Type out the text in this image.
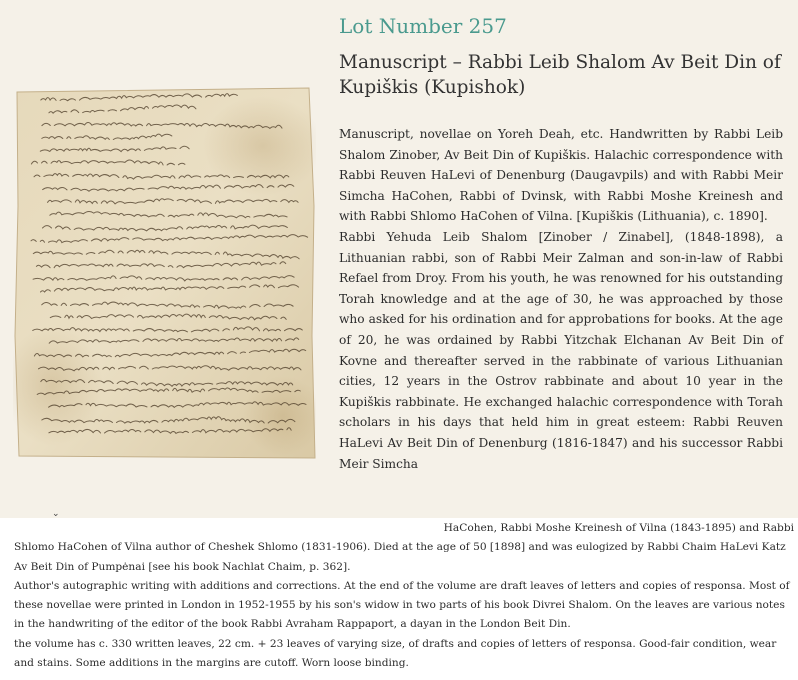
Lot Number 257
Manuscript – Rabbi Leib Shalom Av Beit Din of Kupiškis (Kupishok)
⌄

Manuscript, novellae on Yoreh Deah, etc. Handwritten by Rabbi Leib Shalom Zinober, Av Beit Din of Kupiškis. Halachic correspondence with Rabbi Reuven HaLevi of Denenburg (Daugavpils) and with Rabbi Meir Simcha HaCohen, Rabbi of Dvinsk, with Rabbi Moshe Kreinesh and with Rabbi Shlomo HaCohen of Vilna. [Kupiškis (Lithuania), c. 1890].

Rabbi Yehuda Leib Shalom [Zinober / Zinabel], (1848-1898), a Lithuanian rabbi, son of Rabbi Meir Zalman and son-in-law of Rabbi Refael from Droy. From his youth, he was renowned for his outstanding Torah knowledge and at the age of 30, he was approached by those who asked for his ordination and for approbations for books. At the age of 20, he was ordained by Rabbi Yitzchak Elchanan Av Beit Din of Kovne and thereafter served in the rabbinate of various Lithuanian cities, 12 years in the Ostrov rabbinate and about 10 year in the Kupiškis rabbinate. He exchanged halachic correspondence with Torah scholars in his days that held him in great esteem: Rabbi Reuven HaLevi Av Beit Din of Denenburg (1816-1847) and his successor Rabbi Meir Simcha

HaCohen, Rabbi Moshe Kreinesh of Vilna (1843-1895) and Rabbi

Shlomo HaCohen of Vilna author of Cheshek Shlomo (1831-1906). Died at the age of 50 [1898] and was eulogized by Rabbi Chaim HaLevi Katz Av Beit Din of Pumpėnai [see his book Nachlat Chaim, p. 362].

Author's autographic writing with additions and corrections. At the end of the volume are draft leaves of letters and copies of responsa. Most of these novellae were printed in London in 1952-1955 by his son's widow in two parts of his book Divrei Shalom. On the leaves are various notes in the handwriting of the editor of the book Rabbi Avraham Rappaport, a dayan in the London Beit Din.

the volume has c. 330 written leaves, 22 cm. + 23 leaves of varying size, of drafts and copies of letters of responsa. Good-fair condition, wear and stains. Some additions in the margins are cutoff. Worn loose binding.
